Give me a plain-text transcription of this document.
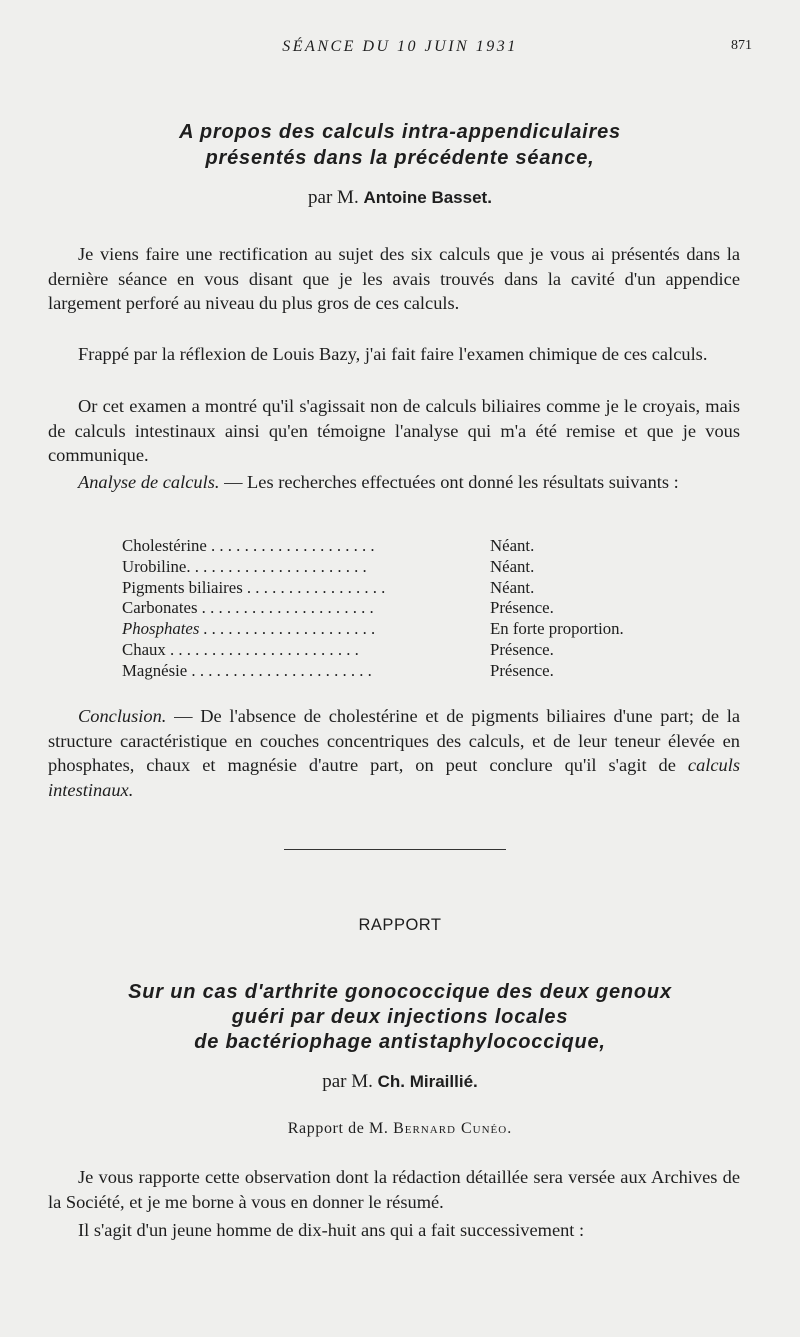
SÉANCE DU 10 JUIN 1931	871
A propos des calculs intra-appendiculaires
présentés dans la précédente séance,
par M. Antoine Basset.

Je viens faire une rectification au sujet des six calculs que je vous ai présentés dans la dernière séance en vous disant que je les avais trouvés dans la cavité d'un appendice largement perforé au niveau du plus gros de ces calculs.

Frappé par la réflexion de Louis Bazy, j'ai fait faire l'examen chimique de ces calculs.

Or cet examen a montré qu'il s'agissait non de calculs biliaires comme je le croyais, mais de calculs intestinaux ainsi qu'en témoigne l'analyse qui m'a été remise et que je vous communique.

Analyse de calculs. — Les recherches effectuées ont donné les résultats suivants :

Cholestérine . . . . . . . . . . . . . . . . . . . .	Néant.
Urobiline. . . . . . . . . . . . . . . . . . . . . .	Néant.
Pigments biliaires . . . . . . . . . . . . . . . . .	Néant.
Carbonates . . . . . . . . . . . . . . . . . . . . .	Présence.
Phosphates . . . . . . . . . . . . . . . . . . . . .	En forte proportion.
Chaux . . . . . . . . . . . . . . . . . . . . . . .	Présence.
Magnésie . . . . . . . . . . . . . . . . . . . . . .	Présence.

Conclusion. — De l'absence de cholestérine et de pigments biliaires d'une part; de la structure caractéristique en couches concentriques des calculs, et de leur teneur élevée en phosphates, chaux et magnésie d'autre part, on peut conclure qu'il s'agit de calculs intestinaux.

RAPPORT
Sur un cas d'arthrite gonococcique des deux genoux
guéri par deux injections locales
de bactériophage antistaphylococcique,
par M. Ch. Miraillié.
Rapport de M. Bernard Cunéo.

Je vous rapporte cette observation dont la rédaction détaillée sera versée aux Archives de la Société, et je me borne à vous en donner le résumé.

Il s'agit d'un jeune homme de dix-huit ans qui a fait successivement :
